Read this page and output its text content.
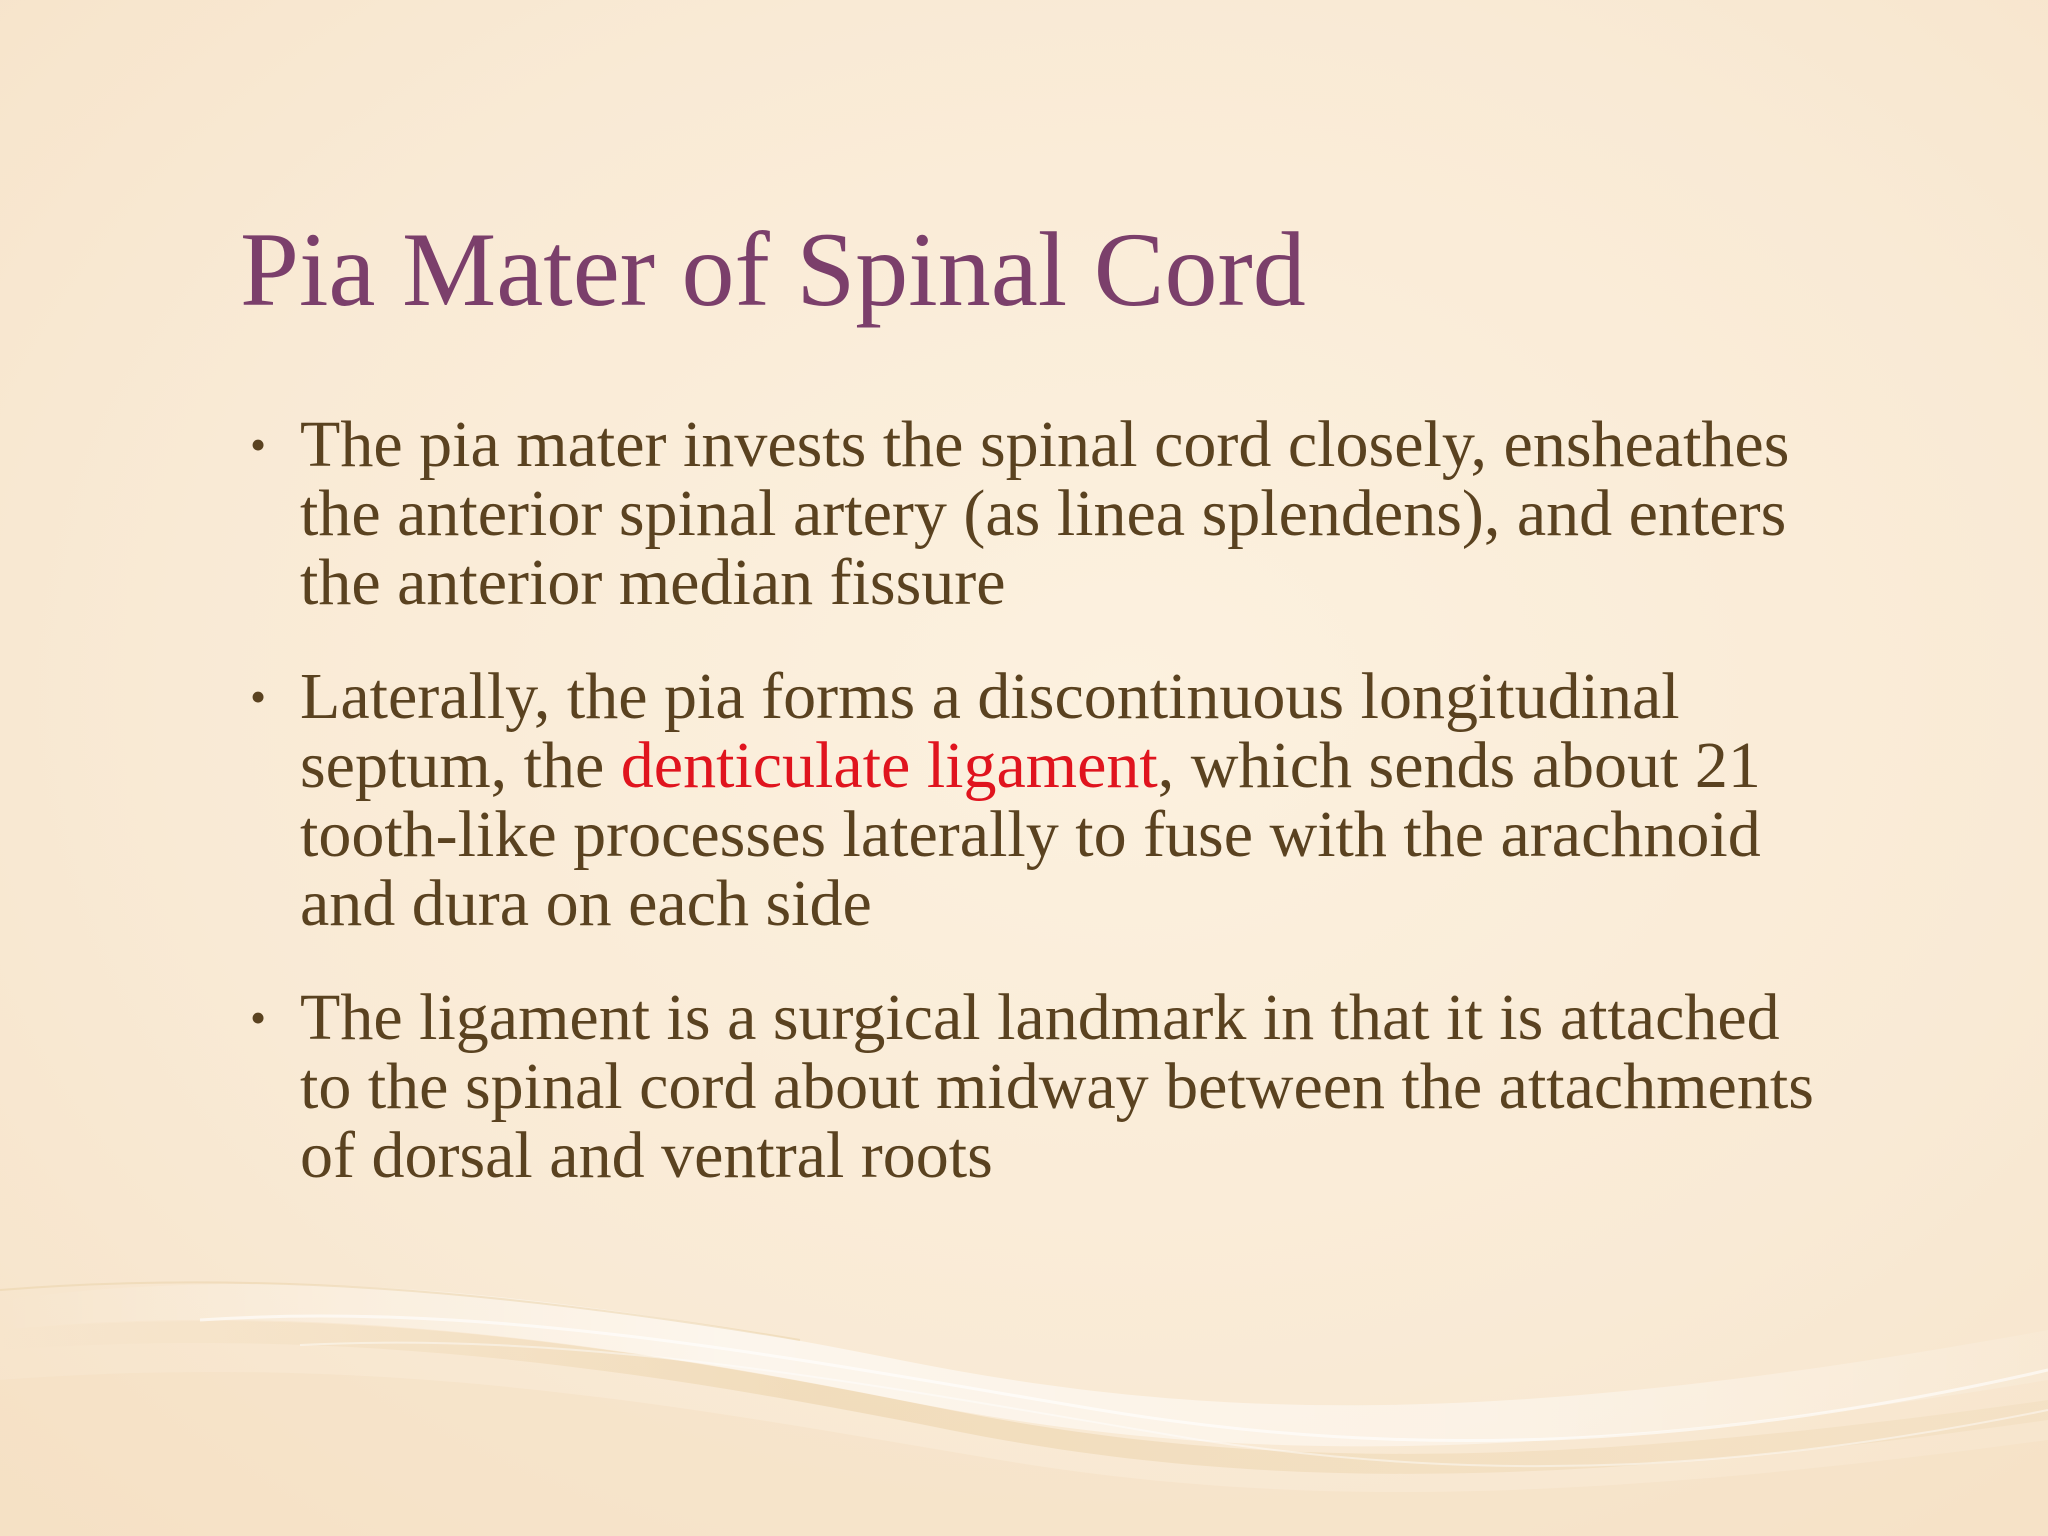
Pia Mater of Spinal Cord
• The pia mater invests the spinal cord closely, ensheathes the anterior spinal artery (as linea splendens), and enters the anterior median fissure
• Laterally, the pia forms a discontinuous longitudinal septum, the denticulate ligament, which sends about 21 tooth-like processes laterally to fuse with the arachnoid and dura on each side
• The ligament is a surgical landmark in that it is attached to the spinal cord about midway between the attachments of dorsal and ventral roots
